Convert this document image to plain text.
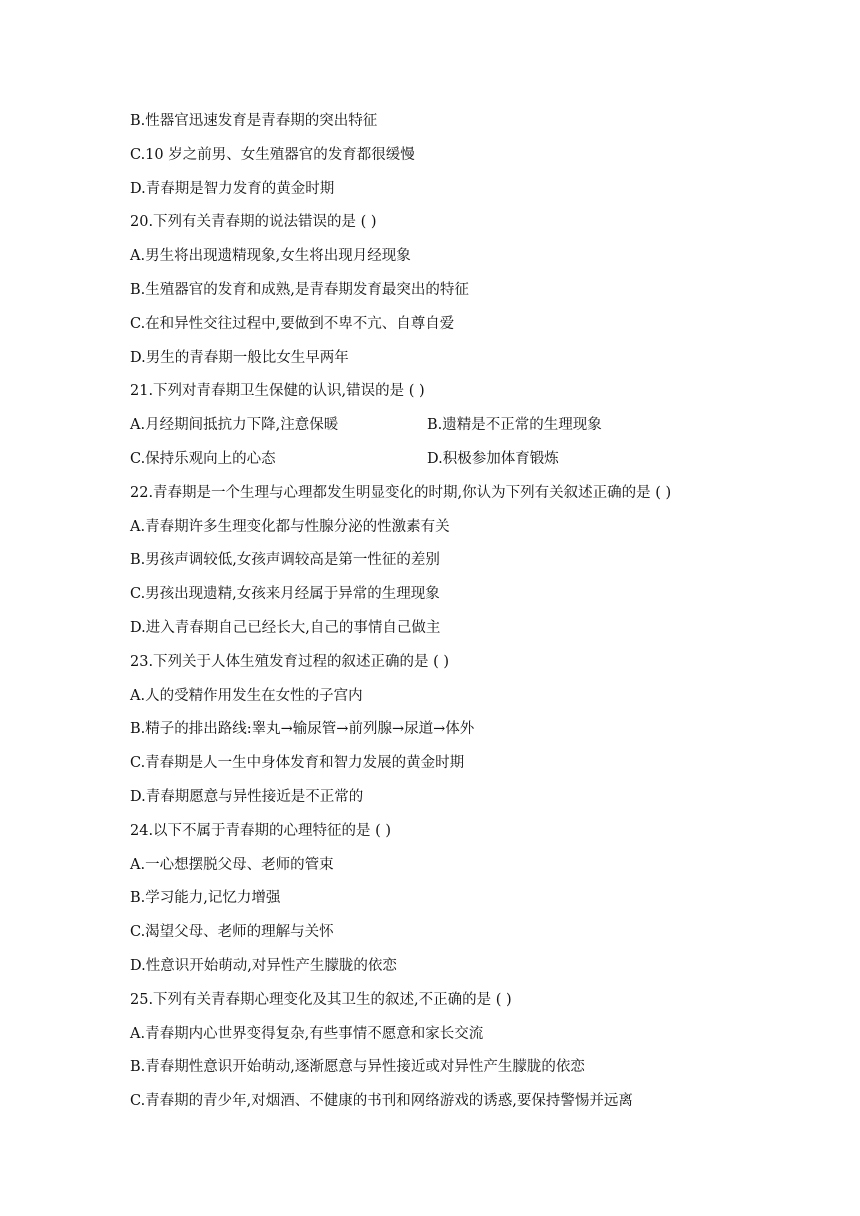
B.性器官迅速发育是青春期的突出特征
C.10 岁之前男、女生殖器官的发育都很缓慢
D.青春期是智力发育的黄金时期
20.下列有关青春期的说法错误的是 ( )
A.男生将出现遗精现象,女生将出现月经现象
B.生殖器官的发育和成熟,是青春期发育最突出的特征
C.在和异性交往过程中,要做到不卑不亢、自尊自爱
D.男生的青春期一般比女生早两年
21.下列对青春期卫生保健的认识,错误的是 ( )
A.月经期间抵抗力下降,注意保暖	B.遗精是不正常的生理现象
C.保持乐观向上的心态	D.积极参加体育锻炼
22.青春期是一个生理与心理都发生明显变化的时期,你认为下列有关叙述正确的是 ( )
A.青春期许多生理变化都与性腺分泌的性激素有关
B.男孩声调较低,女孩声调较高是第一性征的差别
C.男孩出现遗精,女孩来月经属于异常的生理现象
D.进入青春期自己已经长大,自己的事情自己做主
23.下列关于人体生殖发育过程的叙述正确的是 ( )
A.人的受精作用发生在女性的子宫内
B.精子的排出路线:睾丸→输尿管→前列腺→尿道→体外
C.青春期是人一生中身体发育和智力发展的黄金时期
D.青春期愿意与异性接近是不正常的
24.以下不属于青春期的心理特征的是 ( )
A.一心想摆脱父母、老师的管束
B.学习能力,记忆力增强
C.渴望父母、老师的理解与关怀
D.性意识开始萌动,对异性产生朦胧的依恋
25.下列有关青春期心理变化及其卫生的叙述,不正确的是 ( )
A.青春期内心世界变得复杂,有些事情不愿意和家长交流
B.青春期性意识开始萌动,逐渐愿意与异性接近或对异性产生朦胧的依恋
C.青春期的青少年,对烟酒、不健康的书刊和网络游戏的诱惑,要保持警惕并远离
